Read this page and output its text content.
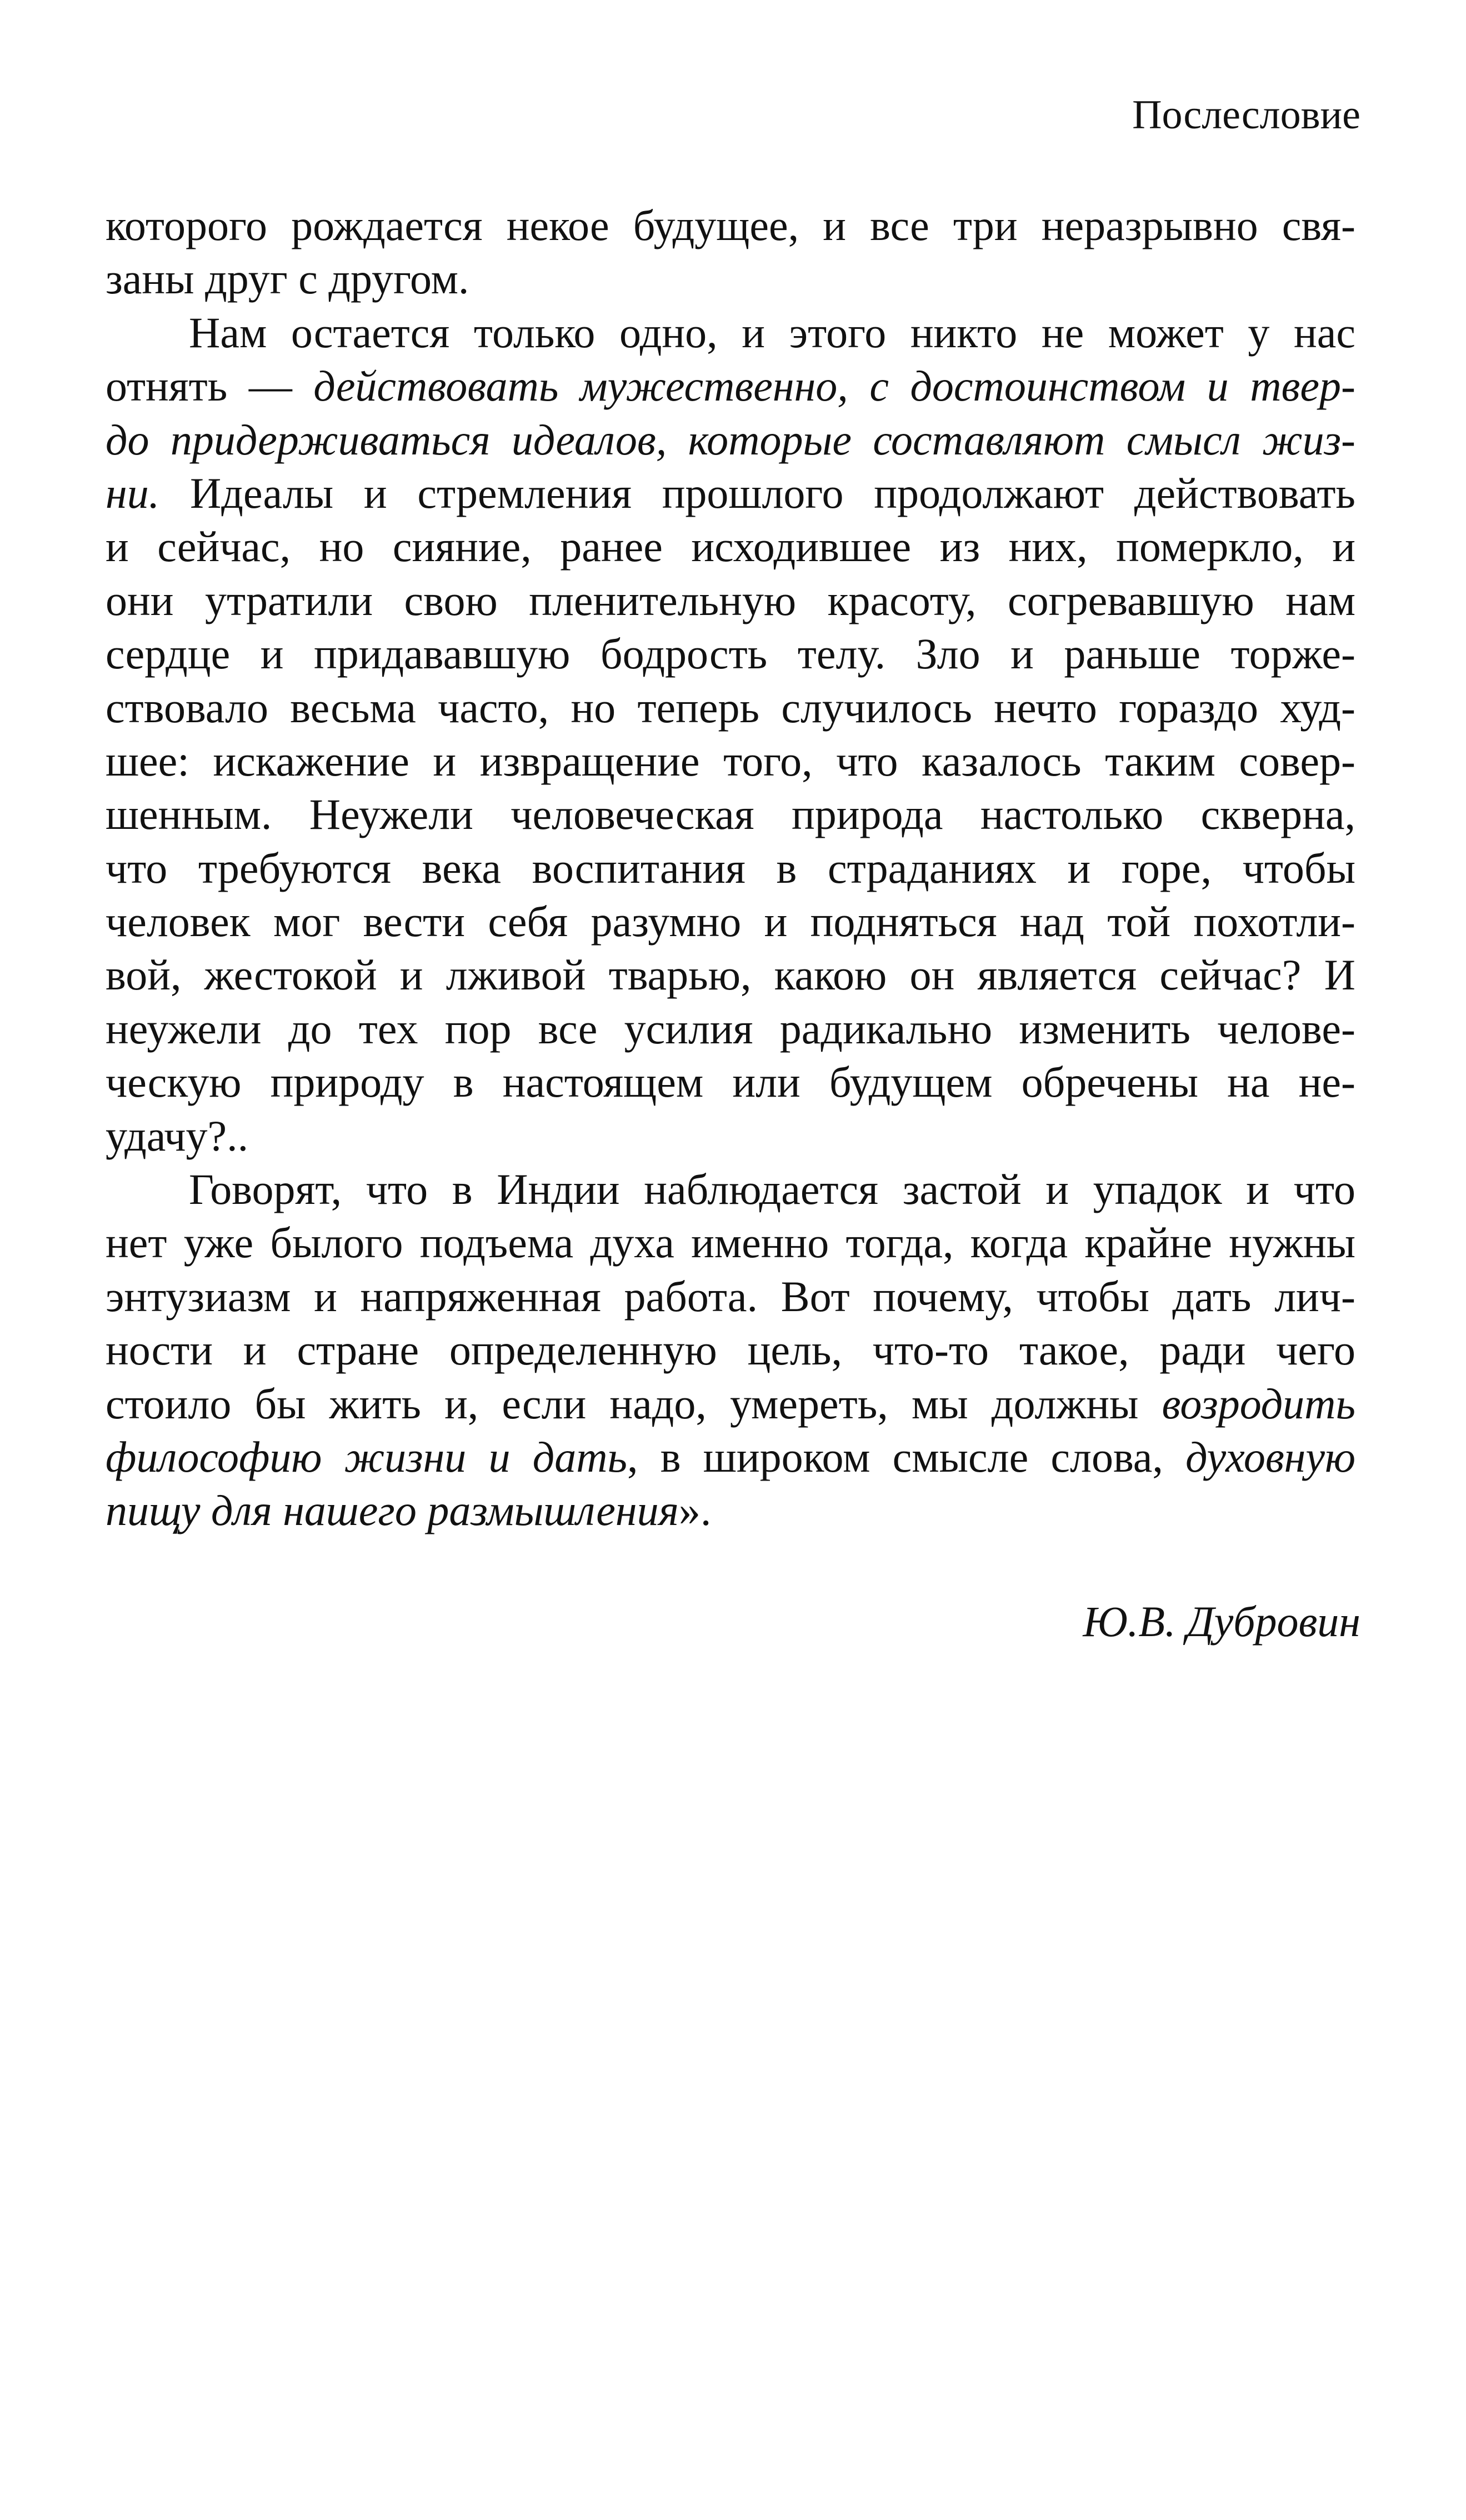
Послесловие
которого рождается некое будущее, и все три неразрывно свя-
заны друг с другом.
Нам остается только одно, и этого никто не может у нас
отнять — действовать мужественно, с достоинством и твер-
до придерживаться идеалов, которые составляют смысл жиз-
ни. Идеалы и стремления прошлого продолжают действовать
и сейчас, но сияние, ранее исходившее из них, померкло, и
они утратили свою пленительную красоту, согревавшую нам
сердце и придававшую бодрость телу. Зло и раньше торже-
ствовало весьма часто, но теперь случилось нечто гораздо худ-
шее: искажение и извращение того, что казалось таким совер-
шенным. Неужели человеческая природа настолько скверна,
что требуются века воспитания в страданиях и горе, чтобы
человек мог вести себя разумно и подняться над той похотли-
вой, жестокой и лживой тварью, какою он является сейчас? И
неужели до тех пор все усилия радикально изменить челове-
ческую природу в настоящем или будущем обречены на не-
удачу?..
Говорят, что в Индии наблюдается застой и упадок и что
нет уже былого подъема духа именно тогда, когда крайне нужны
энтузиазм и напряженная работа. Вот почему, чтобы дать лич-
ности и стране определенную цель, что-то такое, ради чего
стоило бы жить и, если надо, умереть, мы должны возродить
философию жизни и дать, в широком смысле слова, духовную
пищу для нашего размышления».
Ю.В. Дубровин
